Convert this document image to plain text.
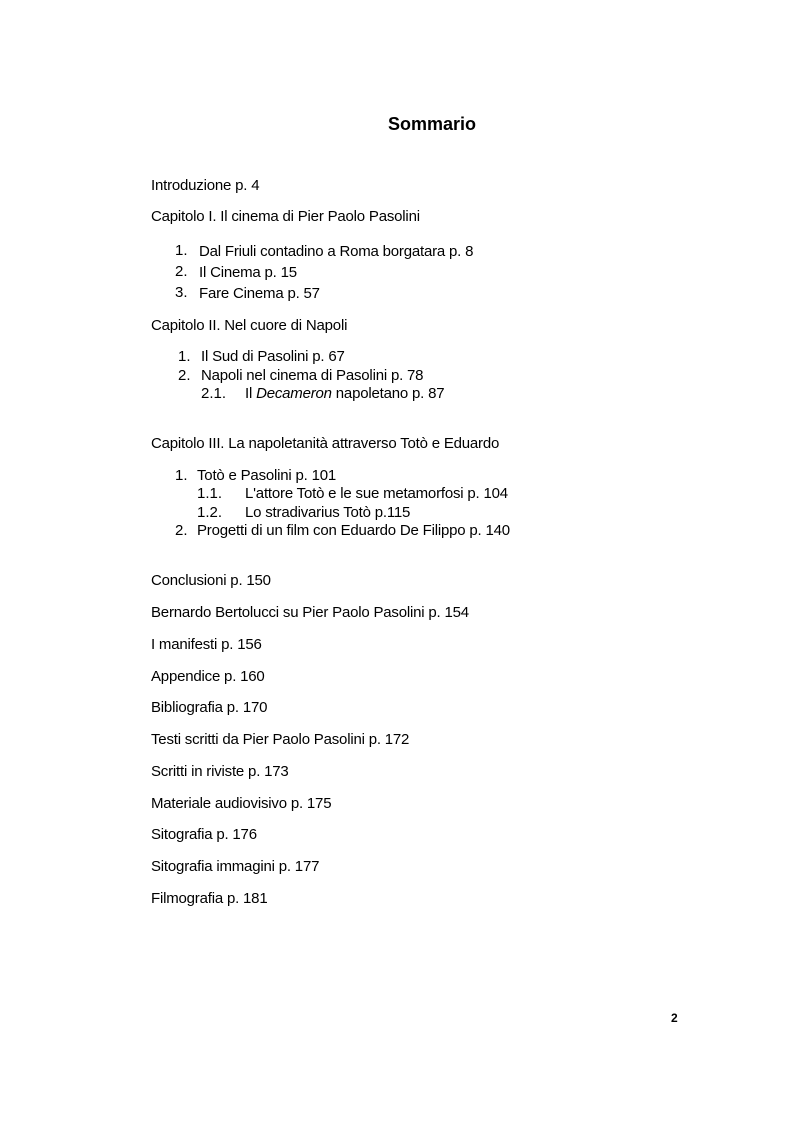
Sommario
Introduzione p. 4
Capitolo I. Il cinema di Pier Paolo Pasolini
1. Dal Friuli contadino a Roma borgatara p. 8
2. Il Cinema p. 15
3. Fare Cinema p. 57
Capitolo II. Nel cuore di Napoli
1. Il Sud di Pasolini p. 67
2. Napoli nel cinema di Pasolini p. 78
2.1. Il Decameron napoletano p. 87
Capitolo III. La napoletanità attraverso Totò e Eduardo
1. Totò e Pasolini p. 101
1.1. L'attore Totò e le sue metamorfosi p. 104
1.2. Lo stradivarius Totò p.115
2. Progetti di un film con Eduardo De Filippo p. 140
Conclusioni p. 150
Bernardo Bertolucci su Pier Paolo Pasolini p. 154
I manifesti p. 156
Appendice p. 160
Bibliografia p. 170
Testi scritti da Pier Paolo Pasolini p. 172
Scritti in riviste p. 173
Materiale audiovisivo p. 175
Sitografia p. 176
Sitografia immagini p. 177
Filmografia p. 181
2
